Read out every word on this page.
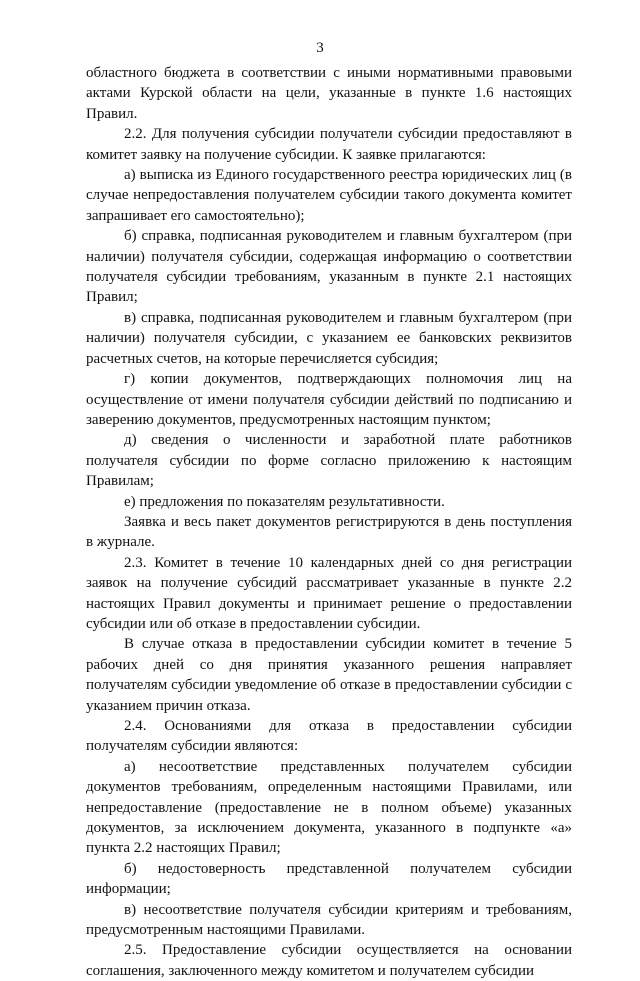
3

областного бюджета в соответствии с иными нормативными правовыми актами Курской области на цели, указанные в пункте 1.6 настоящих Правил.

2.2. Для получения субсидии получатели субсидии предоставляют в комитет заявку на получение субсидии. К заявке прилагаются:

а) выписка из Единого государственного реестра юридических лиц (в случае непредоставления получателем субсидии такого документа комитет запрашивает его самостоятельно);

б) справка, подписанная руководителем и главным бухгалтером (при наличии) получателя субсидии, содержащая информацию о соответствии получателя субсидии требованиям, указанным в пункте 2.1 настоящих Правил;

в) справка, подписанная руководителем и главным бухгалтером (при наличии) получателя субсидии, с указанием ее банковских реквизитов расчетных счетов, на которые перечисляется субсидия;

г) копии документов, подтверждающих полномочия лиц на осуществление от имени получателя субсидии действий по подписанию и заверению документов, предусмотренных настоящим пунктом;

д) сведения о численности и заработной плате работников получателя субсидии по форме согласно приложению к настоящим Правилам;

е) предложения по показателям результативности.

Заявка и весь пакет документов регистрируются в день поступления в журнале.

2.3. Комитет в течение 10 календарных дней со дня регистрации заявок на получение субсидий рассматривает указанные в пункте 2.2 настоящих Правил документы и принимает решение о предоставлении субсидии или об отказе в предоставлении субсидии.

В случае отказа в предоставлении субсидии комитет в течение 5 рабочих дней со дня принятия указанного решения направляет получателям субсидии уведомление об отказе в предоставлении субсидии с указанием причин отказа.

2.4. Основаниями для отказа в предоставлении субсидии получателям субсидии являются:

а) несоответствие представленных получателем субсидии документов требованиям, определенным настоящими Правилами, или непредоставление (предоставление не в полном объеме) указанных документов, за исключением документа, указанного в подпункте «а» пункта 2.2 настоящих Правил;

б) недостоверность представленной получателем субсидии информации;

в) несоответствие получателя субсидии критериям и требованиям, предусмотренным настоящими Правилами.

2.5. Предоставление субсидии осуществляется на основании соглашения, заключенного между комитетом и получателем субсидии
